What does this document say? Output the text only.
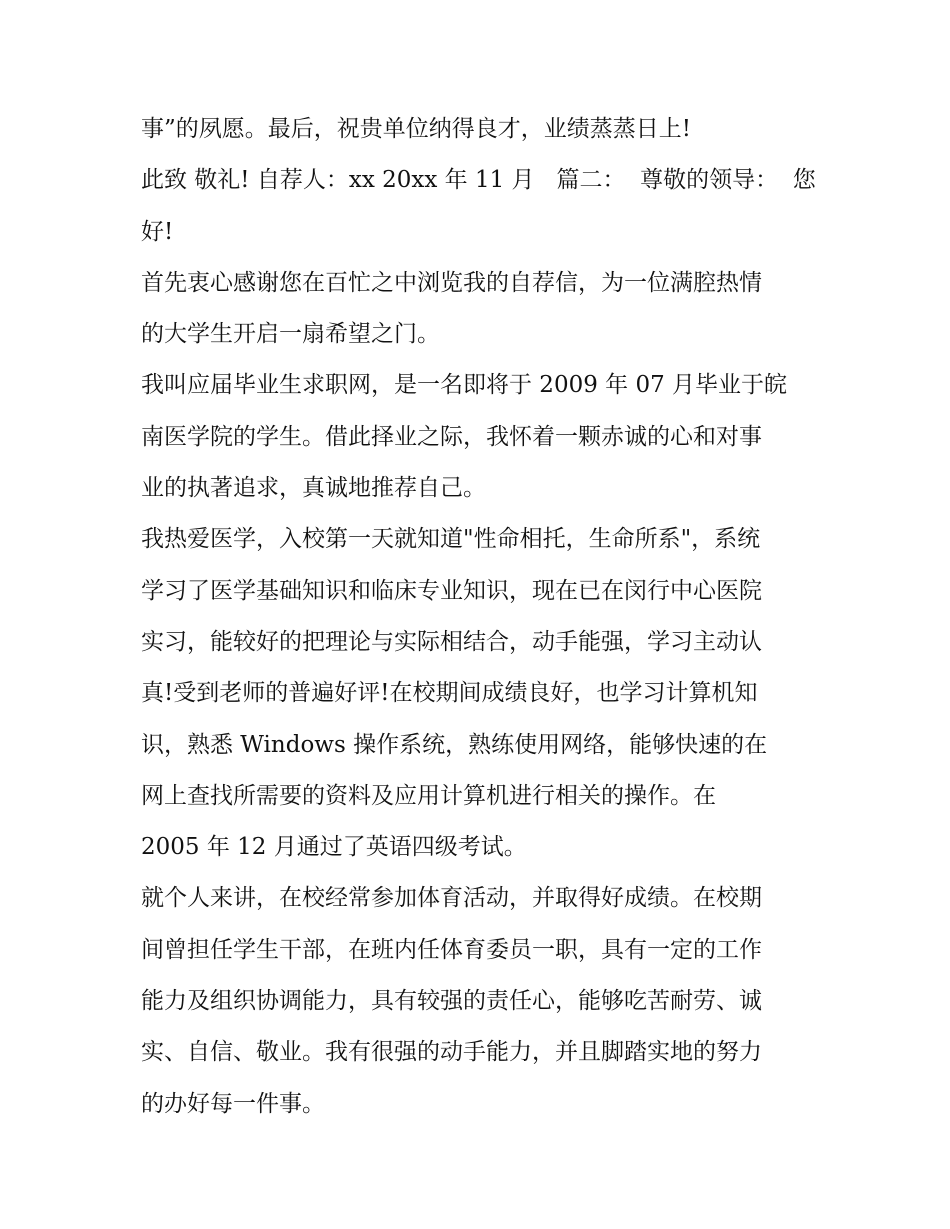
事”的夙愿。最后，祝贵单位纳得良才，业绩蒸蒸日上!
此致 敬礼! 自荐人：xx 20xx 年 11 月   篇二：  尊敬的领导：  您
好!
首先衷心感谢您在百忙之中浏览我的自荐信，为一位满腔热情
的大学生开启一扇希望之门。
我叫应届毕业生求职网，是一名即将于 2009 年 07 月毕业于皖
南医学院的学生。借此择业之际，我怀着一颗赤诚的心和对事
业的执著追求，真诚地推荐自己。
我热爱医学，入校第一天就知道"性命相托，生命所系"，系统
学习了医学基础知识和临床专业知识，现在已在闵行中心医院
实习，能较好的把理论与实际相结合，动手能强，学习主动认
真!受到老师的普遍好评!在校期间成绩良好，也学习计算机知
识，熟悉 Windows 操作系统，熟练使用网络，能够快速的在
网上查找所需要的资料及应用计算机进行相关的操作。在
2005 年 12 月通过了英语四级考试。
就个人来讲，在校经常参加体育活动，并取得好成绩。在校期
间曾担任学生干部，在班内任体育委员一职，具有一定的工作
能力及组织协调能力，具有较强的责任心，能够吃苦耐劳、诚
实、自信、敬业。我有很强的动手能力，并且脚踏实地的努力
的办好每一件事。
